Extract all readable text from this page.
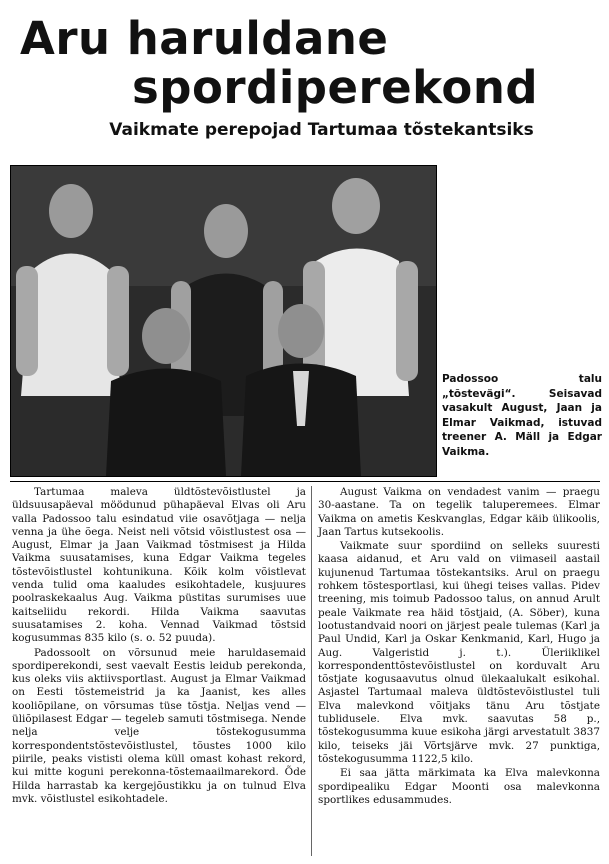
Aru haruldane
spordiperekond
Vaikmate perepojad Tartumaa tõstekantsiks

Padossoo talu „tõstevägi“. Seisavad vasakult August, Jaan ja Elmar Vaikmad, istuvad treener A. Mäll ja Edgar Vaikma.

Tartumaa maleva üldtõstevõistlustel ja üldsuusapäeval möödunud pühapäeval Elvas oli Aru valla Padossoo talu esindatud viie osavõtjaga — nelja venna ja ühe õega. Neist neli võtsid võistlustest osa — August, Elmar ja Jaan Vaikmad tõstmisest ja Hilda Vaikma suusatamises, kuna Edgar Vaikma tegeles tõstevõistlustel kohtunikuna. Kõik kolm võistlevat venda tulid oma kaaludes esikohtadele, kusjuures poolraskekaalus Aug. Vaikma püstitas surumises uue kaitseliidu rekordi. Hilda Vaikma saavutas suusatamises 2. koha. Vennad Vaikmad tõstsid kogusummas 835 kilo (s. o. 52 puuda).

Padossoolt on võrsunud meie haruldasemaid spordiperekondi, sest vaevalt Eestis leidub perekonda, kus oleks viis aktiivsportlast. August ja Elmar Vaikmad on Eesti tõstemeistrid ja ka Jaanist, kes alles kooliõpilane, on võrsumas tüse tõstja. Neljas vend — üliõpilasest Edgar — tegeleb samuti tõstmisega. Nende nelja velje tõstekogusumma korrespondentstõstevõistlustel, tõustes 1000 kilo piirile, peaks vististi olema küll omast kohast rekord, kui mitte koguni perekonna-tõstemaailmarekord. Õde Hilda harrastab ka kergejõustikku ja on tulnud Elva mvk. võistlustel esikohtadele.

August Vaikma on vendadest vanim — praegu 30-aastane. Ta on tegelik taluperemees. Elmar Vaikma on ametis Keskvanglas, Edgar käib ülikoolis, Jaan Tartus kutsekoolis.

Vaikmate suur spordiind on selleks suuresti kaasa aidanud, et Aru vald on viimaseil aastail kujunenud Tartumaa tõstekantsiks. Arul on praegu rohkem tõstesportlasi, kui ühegi teises vallas. Pidev treening, mis toimub Padossoo talus, on annud Arult peale Vaikmate rea häid tõstjaid, (A. Söber), kuna lootustandvaid noori on järjest peale tulemas (Karl ja Paul Undid, Karl ja Oskar Kenkmanid, Karl, Hugo ja Aug. Valgeristid j. t.). Üleriiklikel korrespondenttõstevõistlustel on korduvalt Aru tõstjate kogusaavutus olnud ülekaalukalt esikohal. Asjastel Tartumaal maleva üldtõstevõistlustel tuli Elva malevkond võitjaks tänu Aru tõstjate tublidusele. Elva mvk. saavutas 58 p., tõstekogusumma kuue esikoha järgi arvestatult 3837 kilo, teiseks jäi Võrtsjärve mvk. 27 punktiga, tõstekogusumma 1122,5 kilo.

Ei saa jätta märkimata ka Elva malevkonna spordipealiku Edgar Moonti osa malevkonna sportlikes edusammudes.
